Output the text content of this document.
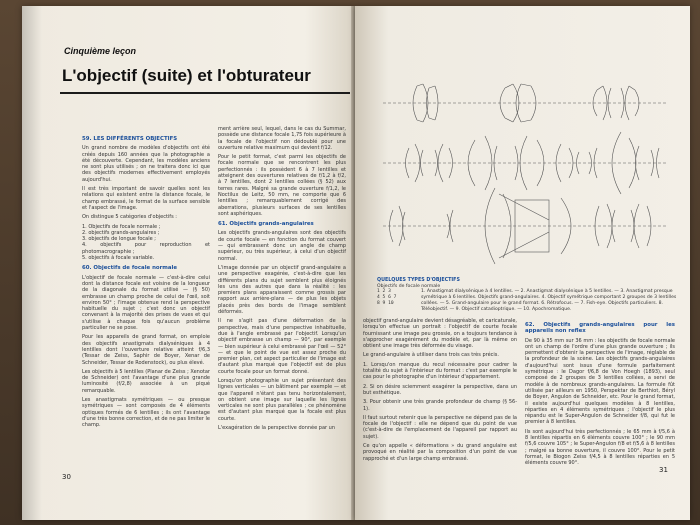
Cinquième leçon
L'objectif (suite) et l'obturateur
59. LES DIFFÉRENTS OBJECTIFS

Un grand nombre de modèles d'objectifs ont été créés depuis 160 années que la photographie a été découverte. Cependant, les modèles anciens ne sont plus utilisés ; on ne traitera donc ici que des objectifs modernes effectivement employés aujourd'hui.

Il est très important de savoir quelles sont les relations qui existent entre la distance focale, le champ embrassé, le format de la surface sensible et l'aspect de l'image.

On distingue 5 catégories d'objectifs :

1. Objectifs de focale normale ;
2. objectifs grands-angulaires ;
3. objectifs de longue focale ;
4. objectifs pour reproduction et photomacrographie ;
5. objectifs à focale variable.
60. Objectifs de focale normale

L'objectif de focale normale — c'est-à-dire celui dont la distance focale est voisine de la longueur de la diagonale du format utilisé — (§ 50) embrasse un champ proche de celui de l'œil, soit environ 50° ; l'image obtenue rend la perspective habituelle du sujet ; c'est donc un objectif convenant à la majorité des prises de vues et qui s'utilise à chaque fois qu'aucun problème particulier ne se pose.

Pour les appareils de grand format, on emploie des objectifs anastigmats dialyséniques à 4 lentilles dont l'ouverture relative atteint f/6,3 (Tessar de Zeiss, Saphir de Boyer, Xenar de Schneider, Tessar de Rodenstock), ou plus élevé.

Les objectifs à 5 lentilles (Planar de Zeiss ; Xenotar de Schneider) ont l'avantage d'une plus grande luminosité (f/2,8) associée à un piqué remarquable.

Les anastigmats symétriques — ou presque symétriques — sont composés de 4 éléments optiques formés de 6 lentilles ; ils ont l'avantage d'une très bonne correction, et de ne pas limiter le champ.

ment arrière seul, lequel, dans le cas du Summar, possède une distance focale 1,75 fois supérieure à la focale de l'objectif non dédoublé pour une ouverture relative maximum qui devient f/12.

Pour le petit format, c'est parmi les objectifs de focale normale que se rencontrent les plus perfectionnés : ils possèdent 6 à 7 lentilles et atteignent des ouvertures relatives de f/1,2 à f/2, à 7 lentilles, dont 2 lentilles collées (§ 52) aux terres rares. Malgré sa grande ouverture f/1,2, le Noctilux de Leitz, 50 mm, ne comporte que 6 lentilles ; remarquablement corrigé des aberrations, plusieurs surfaces de ses lentilles sont asphériques.

61. Objectifs grands-angulaires

Les objectifs grands-angulaires sont des objectifs de courte focale — en fonction du format couvert — qui embrassent donc un angle de champ supérieur, ou très supérieur, à celui d'un objectif normal.

L'image donnée par un objectif grand-angulaire a une perspective exagérée, c'est-à-dire que les différents plans du sujet semblent plus éloignés les uns des autres que dans la réalité : les premiers plans apparaissent comme grossis par rapport aux arrière-plans — de plus les objets placés près des bords de l'image semblent déformés.

Il ne s'agit pas d'une déformation de la perspective, mais d'une perspective inhabituelle, due à l'angle embrassé par l'objectif. Lorsqu'un objectif embrasse un champ — 90°, par exemple — bien supérieur à celui embrassé par l'œil — 52° — et que le point de vue est assez proche du premier plan, cet aspect particulier de l'image est d'autant plus marqué que l'objectif est de plus courte focale pour un format donné.

Lorsqu'on photographie un sujet présentant des lignes verticales — un bâtiment par exemple — et que l'appareil n'étant pas tenu horizontalement, on obtient une image sur laquelle les lignes verticales ne sont plus parallèles ; ce phénomène est d'autant plus marqué que la focale est plus courte.

L'exagération de la perspective donnée par un

30
QUELQUES TYPES D'OBJECTIFS
Objectifs de focale normale
1 2 3
4 5 6 7
8 9 10
1. Anastigmat dialysénique à 4 lentilles. — 2. Anastigmat dialysénique à 5 lentilles. — 3. Anastigmat presque symétrique à 6 lentilles. Objectifs grand-angulaires. 4. Objectif symétrique comportant 2 groupes de 3 lentilles collées. — 5. Grand-angulaire pour le grand format. 6. Rétrofocus. — 7. Fish-eye. Objectifs particuliers. 8. Téléobjectif. — 9. Objectif catadioptrique. — 10. Apochromatique.

objectif grand-angulaire devient désagréable, et caricaturale, lorsqu'on effectue un portrait : l'objectif de courte focale fournissant une image peu grossie, on a toujours tendance à s'approcher exagérément du modèle et, par là même on obtient une image très déformée du visage.

Le grand-angulaire à utiliser dans trois cas très précis.

1. Lorsqu'on manque du recul nécessaire pour cadrer la totalité du sujet à l'intérieur du format : c'est par exemple le cas pour le photographe d'un intérieur d'appartement.

2. Si on désire sciemment exagérer la perspective, dans un but esthétique.

3. Pour obtenir une très grande profondeur de champ (§ 56-1).

Il faut surtout retenir que la perspective ne dépend pas de la focale de l'objectif : elle ne dépend que du point de vue (c'est-à-dire de l'emplacement de l'appareil par rapport au sujet).

Ce qu'on appelle « déformations » du grand angulaire est provoqué en réalité par la composition d'un point de vue rapproché et d'un large champ embrassé.

62. Objectifs grands-angulaires pour les appareils non reflex

De 90 à 35 mm sur 36 mm : les objectifs de focale normale ont un champ de l'ordre d'une plus grande ouverture ; ils permettent d'obtenir la perspective de l'image, réglable de la profondeur de la scène. Les objectifs grands-angulaires d'aujourd'hui sont issus d'une formule parfaitement symétrique : le Dagor f/6,8 de Von Hoegh (1893), seul composé de 2 groupes de 3 lentilles collées, a servi de modèle à de nombreux grands-angulaires. La formule fût utilisée par ailleurs en 1950, Perspektar de Berthiot, Béryl de Boyer, Angulon de Schneider, etc. Pour le grand format, il existe aujourd'hui quelques modèles à 8 lentilles, réparties en 4 éléments symétriques ; l'objectif le plus répandu est le Super-Angulon de Schneider f/8, qui fut le premier à 8 lentilles.

Ils sont aujourd'hui très perfectionnés ; le 65 mm à f/5,6 à 8 lentilles répartis en 6 éléments couvre 100° ; le 90 mm f/5,6 couvre 105° ; le Super-Angulon f/8 et f/5,6 à 8 lentilles ; malgré sa bonne ouverture, il couvre 100°. Pour le petit format, le Biogon Zeiss f/4,5 à 8 lentilles réparties en 5 éléments couvre 90°.

31
